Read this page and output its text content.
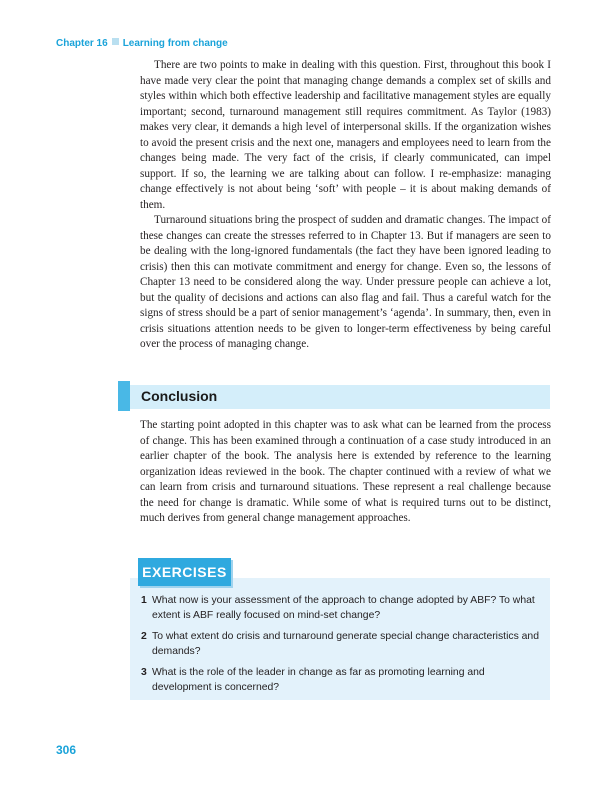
Chapter 16 Learning from change

There are two points to make in dealing with this question. First, throughout this book I have made very clear the point that managing change demands a complex set of skills and styles within which both effective leadership and facilitative management styles are equally important; second, turnaround management still requires commitment. As Taylor (1983) makes very clear, it demands a high level of interpersonal skills. If the organization wishes to avoid the present crisis and the next one, managers and employees need to learn from the changes being made. The very fact of the crisis, if clearly communicated, can impel support. If so, the learning we are talking about can follow. I re-emphasize: managing change effectively is not about being ‘soft’ with people – it is about making demands of them.

Turnaround situations bring the prospect of sudden and dramatic changes. The impact of these changes can create the stresses referred to in Chapter 13. But if managers are seen to be dealing with the long-ignored fundamentals (the fact they have been ignored leading to crisis) then this can motivate commitment and energy for change. Even so, the lessons of Chapter 13 need to be considered along the way. Under pressure people can achieve a lot, but the quality of decisions and actions can also flag and fail. Thus a careful watch for the signs of stress should be a part of senior management’s ‘agenda’. In summary, then, even in crisis situations attention needs to be given to longer-term effectiveness by being careful over the process of managing change.

Conclusion

The starting point adopted in this chapter was to ask what can be learned from the process of change. This has been examined through a continuation of a case study introduced in an earlier chapter of the book. The analysis here is extended by reference to the learning organization ideas reviewed in the book. The chapter continued with a review of what we can learn from crisis and turnaround situations. These represent a real challenge because the need for change is dramatic. While some of what is required turns out to be distinct, much derives from general change management approaches.

EXERCISES
1 What now is your assessment of the approach to change adopted by ABF? To what extent is ABF really focused on mind-set change?
2 To what extent do crisis and turnaround generate special change characteristics and demands?
3 What is the role of the leader in change as far as promoting learning and development is concerned?
306
